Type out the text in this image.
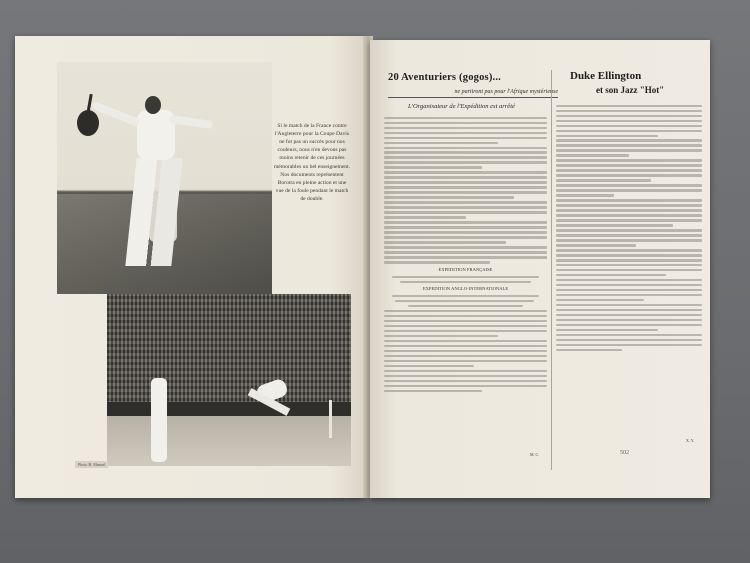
Si le match de la France contre l'Angleterre pour la Coupe Davis ne fut pas un succès pour nos couleurs, nous n'en devons pas moins retenir de ces journées mémorables un bel enseignement. Nos documents représentent Borotra en pleine action et une vue de la foule pendant le match de double.
Photo H. Manuel
20 Aventuriers (gogos)...
ne partiront pas pour l'Afrique mystérieuse
L'Organisateur de l'Expédition est arrêté
EXPEDITION FRANÇAISE
EXPEDITION ANGLO-INTERNATIONALE
Duke Ellington
et son Jazz "Hot"
M. C.
X. Y.
502
